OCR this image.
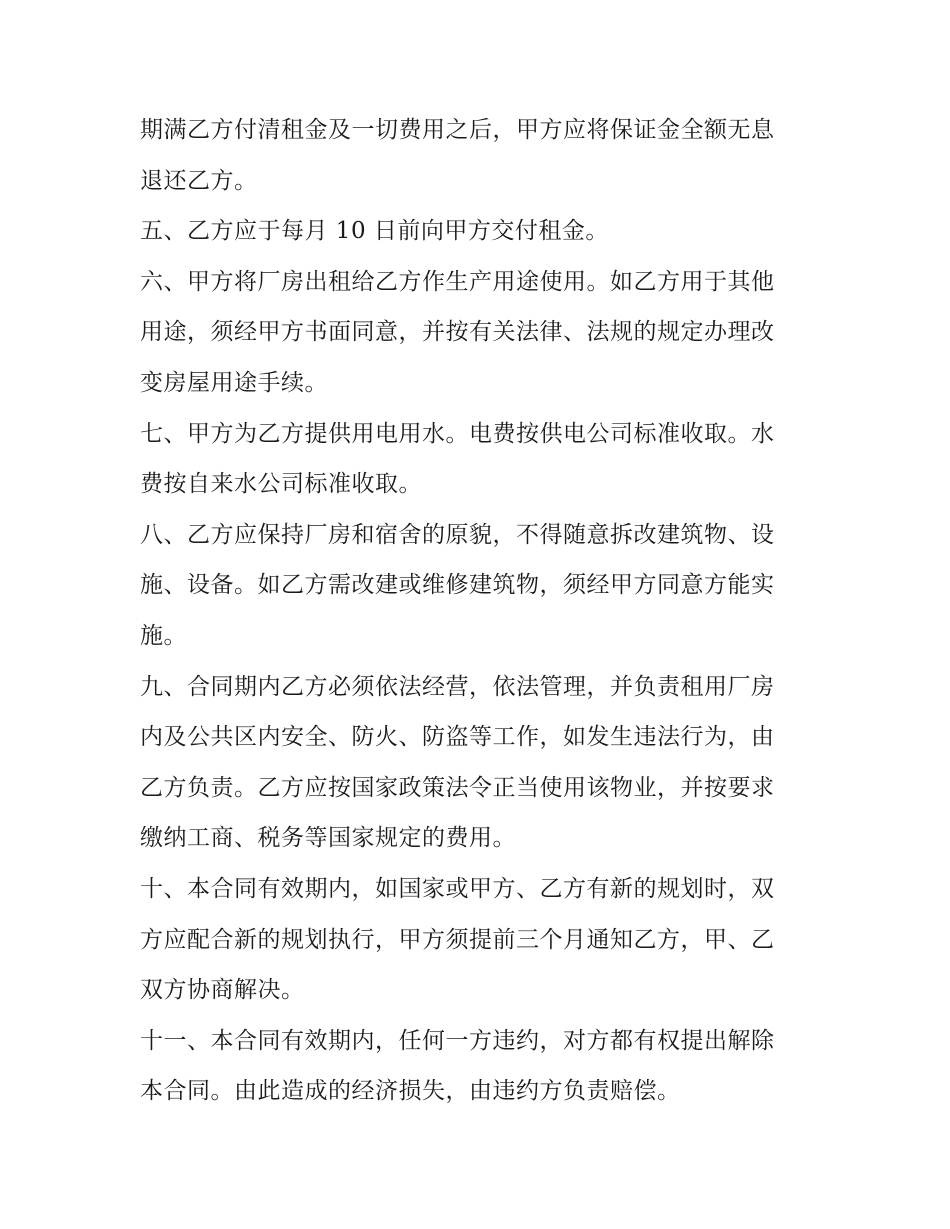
期满乙方付清租金及一切费用之后，甲方应将保证金全额无息
退还乙方。
五、乙方应于每月 10 日前向甲方交付租金。
六、甲方将厂房出租给乙方作生产用途使用。如乙方用于其他
用途，须经甲方书面同意，并按有关法律、法规的规定办理改
变房屋用途手续。
七、甲方为乙方提供用电用水。电费按供电公司标准收取。水
费按自来水公司标准收取。
八、乙方应保持厂房和宿舍的原貌，不得随意拆改建筑物、设
施、设备。如乙方需改建或维修建筑物，须经甲方同意方能实
施。
九、合同期内乙方必须依法经营，依法管理，并负责租用厂房
内及公共区内安全、防火、防盗等工作，如发生违法行为，由
乙方负责。乙方应按国家政策法令正当使用该物业，并按要求
缴纳工商、税务等国家规定的费用。
十、本合同有效期内，如国家或甲方、乙方有新的规划时，双
方应配合新的规划执行，甲方须提前三个月通知乙方，甲、乙
双方协商解决。
十一、本合同有效期内，任何一方违约，对方都有权提出解除
本合同。由此造成的经济损失，由违约方负责赔偿。
